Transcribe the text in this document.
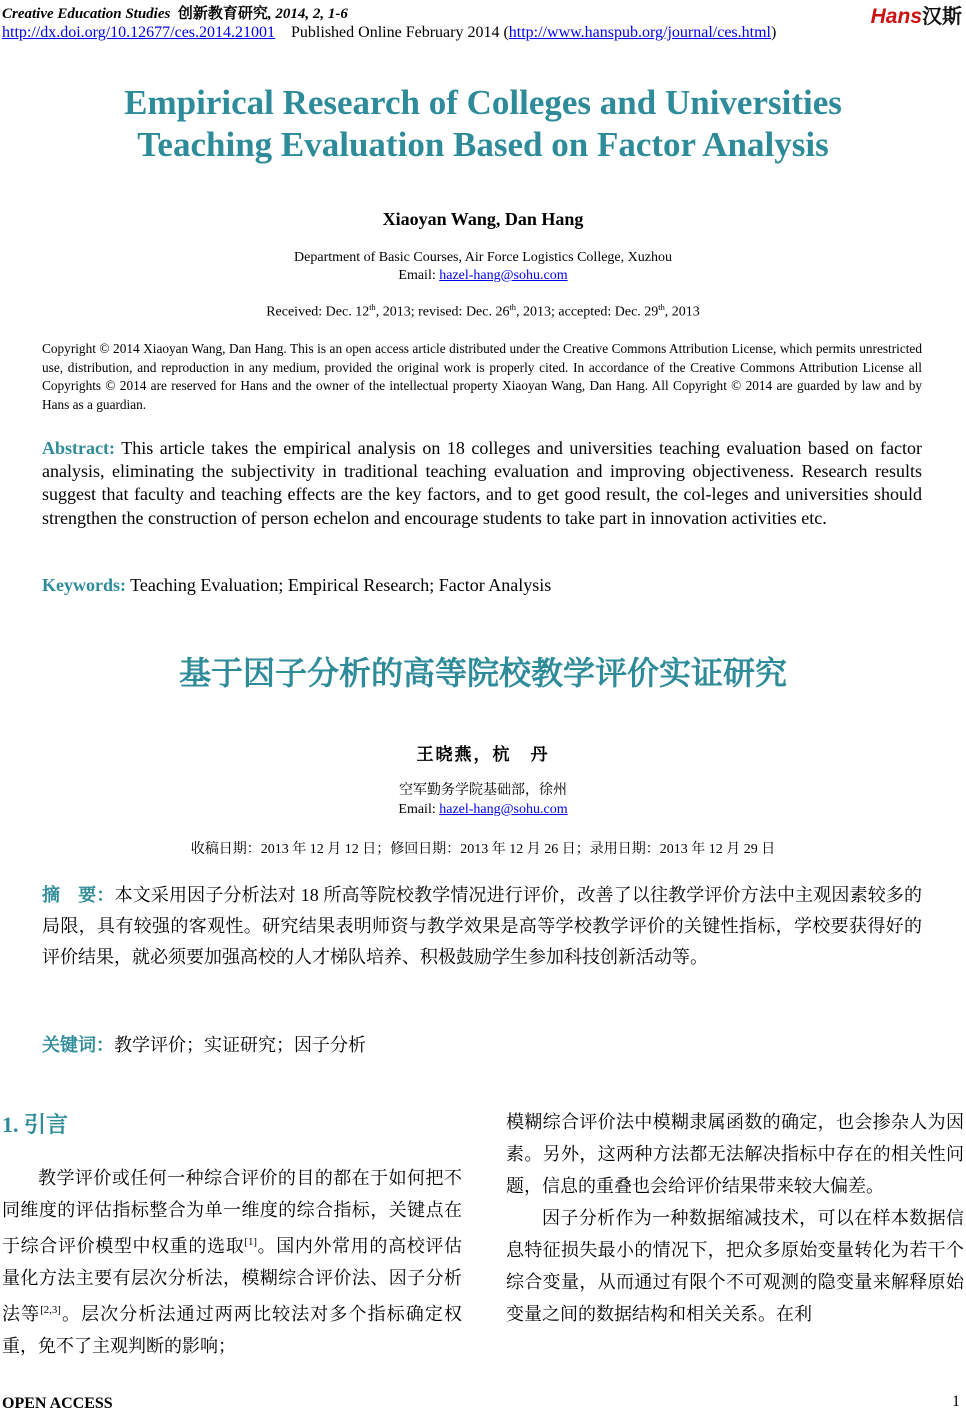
Creative Education Studies 创新教育研究, 2014, 2, 1-6
http://dx.doi.org/10.12677/ces.2014.21001 Published Online February 2014 (http://www.hanspub.org/journal/ces.html)
Hans汉斯
Empirical Research of Colleges and Universities
Teaching Evaluation Based on Factor Analysis
Xiaoyan Wang, Dan Hang
Department of Basic Courses, Air Force Logistics College, Xuzhou
Email: hazel-hang@sohu.com
Received: Dec. 12th, 2013; revised: Dec. 26th, 2013; accepted: Dec. 29th, 2013
Copyright © 2014 Xiaoyan Wang, Dan Hang. This is an open access article distributed under the Creative Commons Attribution License, which permits unrestricted use, distribution, and reproduction in any medium, provided the original work is properly cited. In accordance of the Creative Commons Attribution License all Copyrights © 2014 are reserved for Hans and the owner of the intellectual property Xiaoyan Wang, Dan Hang. All Copyright © 2014 are guarded by law and by Hans as a guardian.
Abstract: This article takes the empirical analysis on 18 colleges and universities teaching evaluation based on factor analysis, eliminating the subjectivity in traditional teaching evaluation and improving objectiveness. Research results suggest that faculty and teaching effects are the key factors, and to get good result, the col-leges and universities should strengthen the construction of person echelon and encourage students to take part in innovation activities etc.
Keywords: Teaching Evaluation; Empirical Research; Factor Analysis
基于因子分析的高等院校教学评价实证研究
王晓燕，杭　丹
空军勤务学院基础部，徐州
Email: hazel-hang@sohu.com
收稿日期：2013 年 12 月 12 日；修回日期：2013 年 12 月 26 日；录用日期：2013 年 12 月 29 日
摘　要：本文采用因子分析法对 18 所高等院校教学情况进行评价，改善了以往教学评价方法中主观因素较多的局限，具有较强的客观性。研究结果表明师资与教学效果是高等学校教学评价的关键性指标，学校要获得好的评价结果，就必须要加强高校的人才梯队培养、积极鼓励学生参加科技创新活动等。
关键词：教学评价；实证研究；因子分析
1. 引言

教学评价或任何一种综合评价的目的都在于如何把不同维度的评估指标整合为单一维度的综合指标，关键点在于综合评价模型中权重的选取[1]。国内外常用的高校评估量化方法主要有层次分析法，模糊综合评价法、因子分析法等[2,3]。层次分析法通过两两比较法对多个指标确定权重，免不了主观判断的影响；

模糊综合评价法中模糊隶属函数的确定，也会掺杂人为因素。另外，这两种方法都无法解决指标中存在的相关性问题，信息的重叠也会给评价结果带来较大偏差。

因子分析作为一种数据缩减技术，可以在样本数据信息特征损失最小的情况下，把众多原始变量转化为若干个综合变量，从而通过有限个不可观测的隐变量来解释原始变量之间的数据结构和相关关系。在利

OPEN ACCESS	1
